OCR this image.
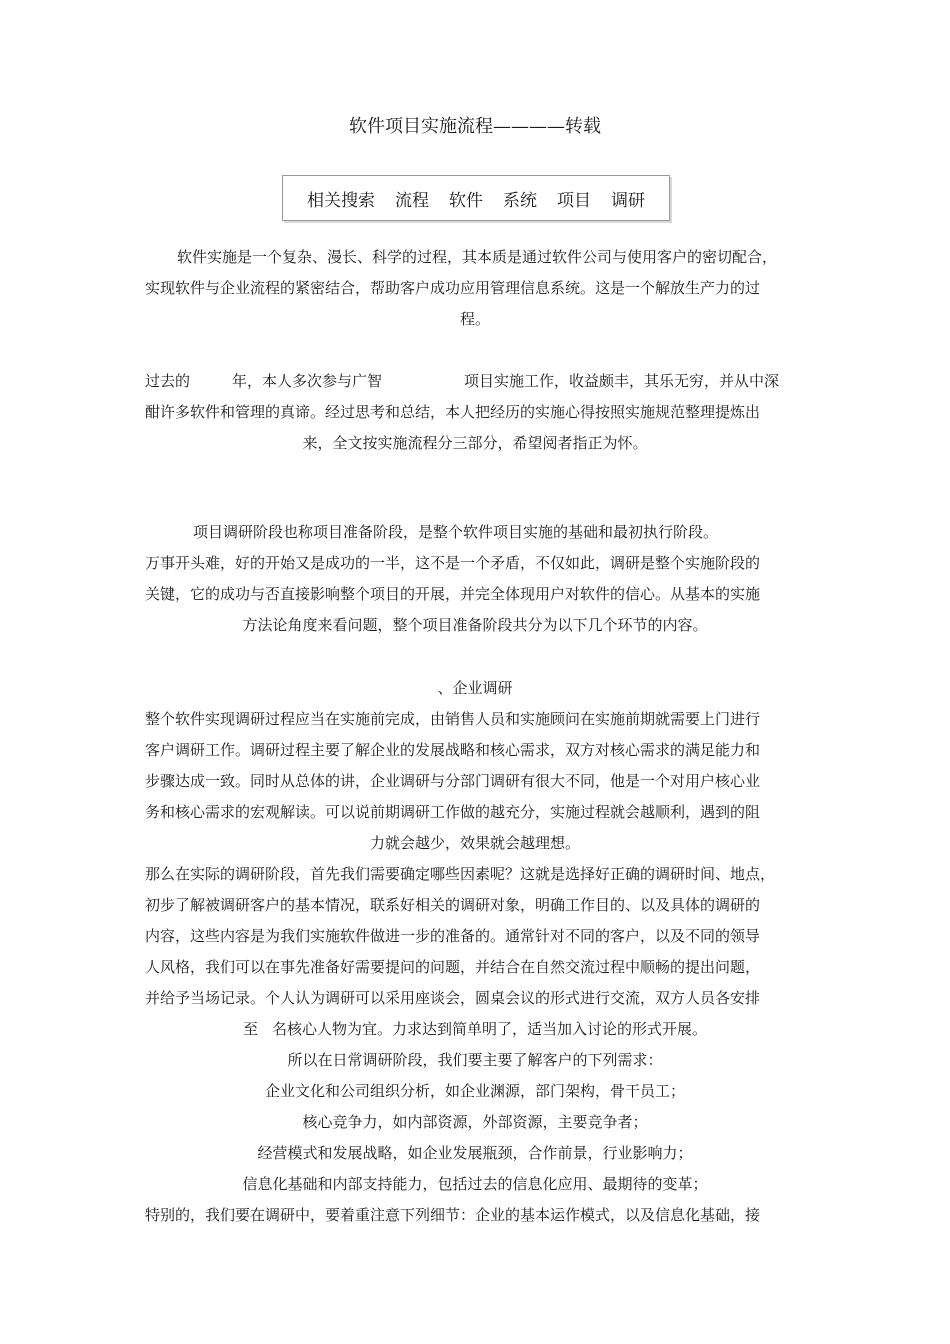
软件项目实施流程————转载
相关搜索 流程 软件 系统 项目 调研

软件实施是一个复杂、漫长、科学的过程，其本质是通过软件公司与使用客户的密切配合，

实现软件与企业流程的紧密结合，帮助客户成功应用管理信息系统。这是一个解放生产力的过

程。

过去的	年，本人多次参与广智	项目实施工作，收益颇丰，其乐无穷，并从中深

酣许多软件和管理的真谛。经过思考和总结，本人把经历的实施心得按照实施规范整理提炼出

来，全文按实施流程分三部分，希望阅者指正为怀。

项目调研阶段也称项目准备阶段，是整个软件项目实施的基础和最初执行阶段。

万事开头难，好的开始又是成功的一半，这不是一个矛盾，不仅如此，调研是整个实施阶段的

关键，它的成功与否直接影响整个项目的开展，并完全体现用户对软件的信心。从基本的实施

方法论角度来看问题，整个项目准备阶段共分为以下几个环节的内容。

、企业调研

整个软件实现调研过程应当在实施前完成，由销售人员和实施顾问在实施前期就需要上门进行

客户调研工作。调研过程主要了解企业的发展战略和核心需求，双方对核心需求的满足能力和

步骤达成一致。同时从总体的讲，企业调研与分部门调研有很大不同，他是一个对用户核心业

务和核心需求的宏观解读。可以说前期调研工作做的越充分，实施过程就会越顺利，遇到的阻

力就会越少，效果就会越理想。

那么在实际的调研阶段，首先我们需要确定哪些因素呢？这就是选择好正确的调研时间、地点，

初步了解被调研客户的基本情况，联系好相关的调研对象，明确工作目的、以及具体的调研的

内容，这些内容是为我们实施软件做进一步的准备的。通常针对不同的客户，以及不同的领导

人风格，我们可以在事先准备好需要提问的问题，并结合在自然交流过程中顺畅的提出问题，

并给予当场记录。个人认为调研可以采用座谈会，圆桌会议的形式进行交流，双方人员各安排

至 名核心人物为宜。力求达到简单明了，适当加入讨论的形式开展。

所以在日常调研阶段，我们要主要了解客户的下列需求：

企业文化和公司组织分析，如企业渊源，部门架构，骨干员工；

核心竞争力，如内部资源，外部资源，主要竞争者；

经营模式和发展战略，如企业发展瓶颈，合作前景，行业影响力；

信息化基础和内部支持能力，包括过去的信息化应用、最期待的变革；

特别的，我们要在调研中，要着重注意下列细节：企业的基本运作模式，以及信息化基础，接
